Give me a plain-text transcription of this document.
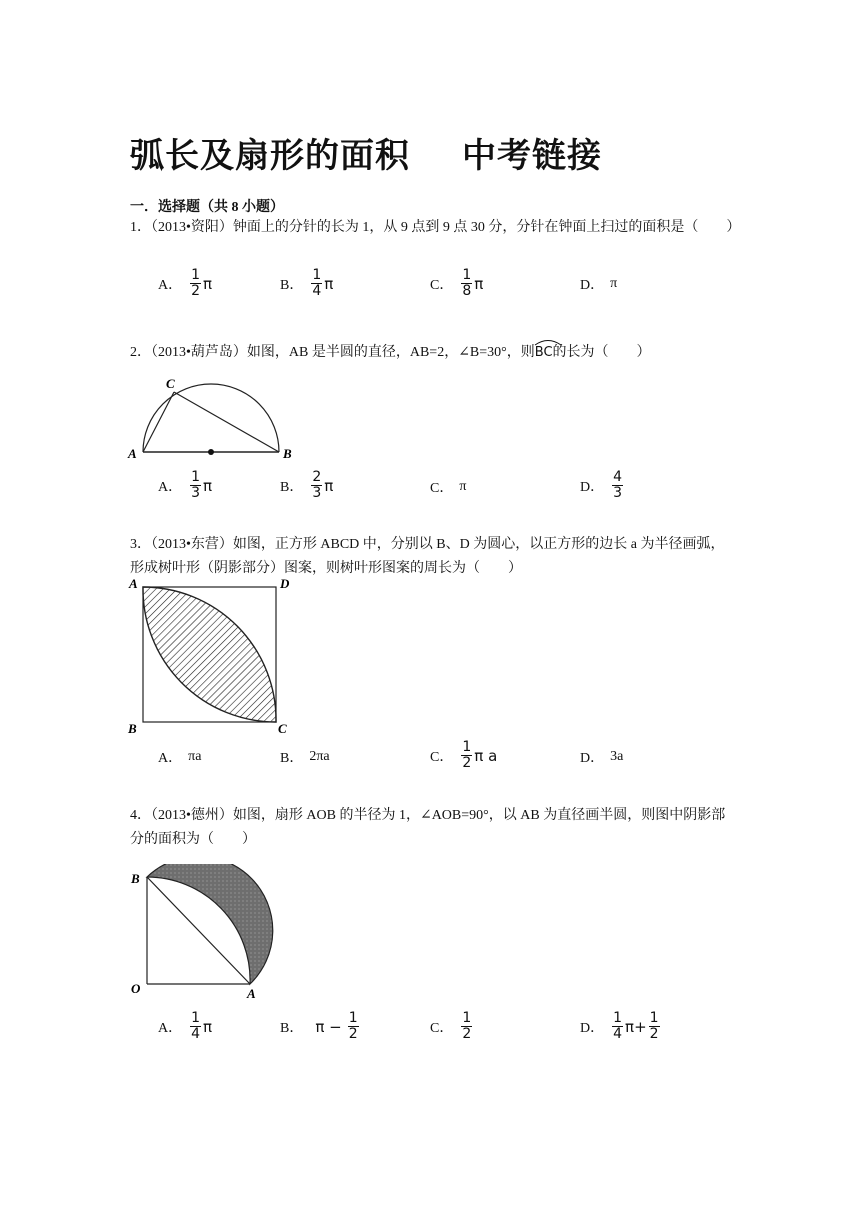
弧长及扇形的面积 中考链接
一．选择题（共 8 小题）
1．（2013•资阳）钟面上的分针的长为 1，从 9 点到 9 点 30 分，分针在钟面上扫过的面积是（　　）
A． $\frac{1}{2}$ π	B． $\frac{1}{4}$ π	C． $\frac{1}{8}$ π	D． π
2．（2013•葫芦岛）如图，AB 是半圆的直径，AB=2，∠B=30°，则
BC的长为（　　）
A	B
C
A． $\frac{1}{3}$ π	B． $\frac{2}{3}$ π	C． π	D． $\frac{4}{3}$
3．（2013•东营）如图，正方形 ABCD 中，分别以 B、D 为圆心，以正方形的边长 a 为半径画弧，形成树叶形（阴影部分）图案，则树叶形图案的周长为（　　）
A	D
B	C
A． πa	B． 2πa	C． $\frac{1}{2}$ π a	D． 3a
4．（2013•德州）如图，扇形 AOB 的半径为 1，∠AOB=90°，以 AB 为直径画半圆，则图中阴影部分的面积为（　　）
B
O	A
A． $\frac{1}{4}$ π	B． $\pi - \frac{1}{2}$	C． $\frac{1}{2}$	D． $\frac{1}{4} \pi+ \frac{1}{2}$
